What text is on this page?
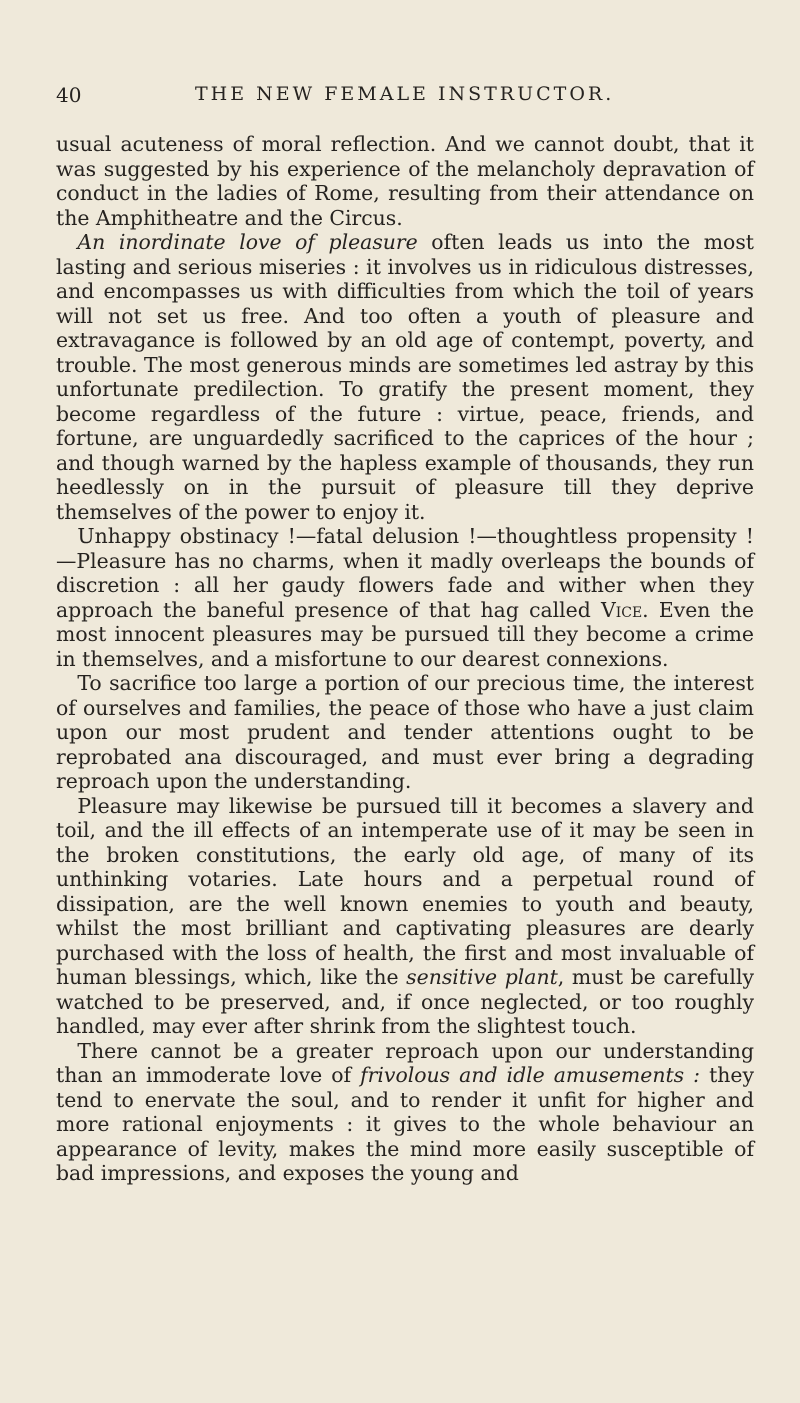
40	THE NEW FEMALE INSTRUCTOR.

usual acuteness of moral reflection. And we cannot doubt, that it was suggested by his experience of the melancholy depravation of conduct in the ladies of Rome, resulting from their attendance on the Amphitheatre and the Circus.

An inordinate love of pleasure often leads us into the most lasting and serious miseries : it involves us in ridiculous distresses, and encompasses us with difficulties from which the toil of years will not set us free. And too often a youth of pleasure and extravagance is followed by an old age of contempt, poverty, and trouble. The most generous minds are sometimes led astray by this unfortunate predilection. To gratify the present moment, they become regardless of the future : virtue, peace, friends, and fortune, are unguardedly sacrificed to the caprices of the hour ; and though warned by the hapless example of thousands, they run heedlessly on in the pursuit of pleasure till they deprive themselves of the power to enjoy it.

Unhappy obstinacy !—fatal delusion !—thoughtless propensity !—Pleasure has no charms, when it madly overleaps the bounds of discretion : all her gaudy flowers fade and wither when they approach the baneful presence of that hag called Vice. Even the most innocent pleasures may be pursued till they become a crime in themselves, and a misfortune to our dearest connexions.

To sacrifice too large a portion of our precious time, the interest of ourselves and families, the peace of those who have a just claim upon our most prudent and tender attentions ought to be reprobated ana discouraged, and must ever bring a degrading reproach upon the understanding.

Pleasure may likewise be pursued till it becomes a slavery and toil, and the ill effects of an intemperate use of it may be seen in the broken constitutions, the early old age, of many of its unthinking votaries. Late hours and a perpetual round of dissipation, are the well known enemies to youth and beauty, whilst the most brilliant and captivating pleasures are dearly purchased with the loss of health, the first and most invaluable of human blessings, which, like the sensitive plant, must be carefully watched to be preserved, and, if once neglected, or too roughly handled, may ever after shrink from the slightest touch.

There cannot be a greater reproach upon our understanding than an immoderate love of frivolous and idle amusements : they tend to enervate the soul, and to render it unfit for higher and more rational enjoyments : it gives to the whole behaviour an appearance of levity, makes the mind more easily susceptible of bad impressions, and exposes the young and
